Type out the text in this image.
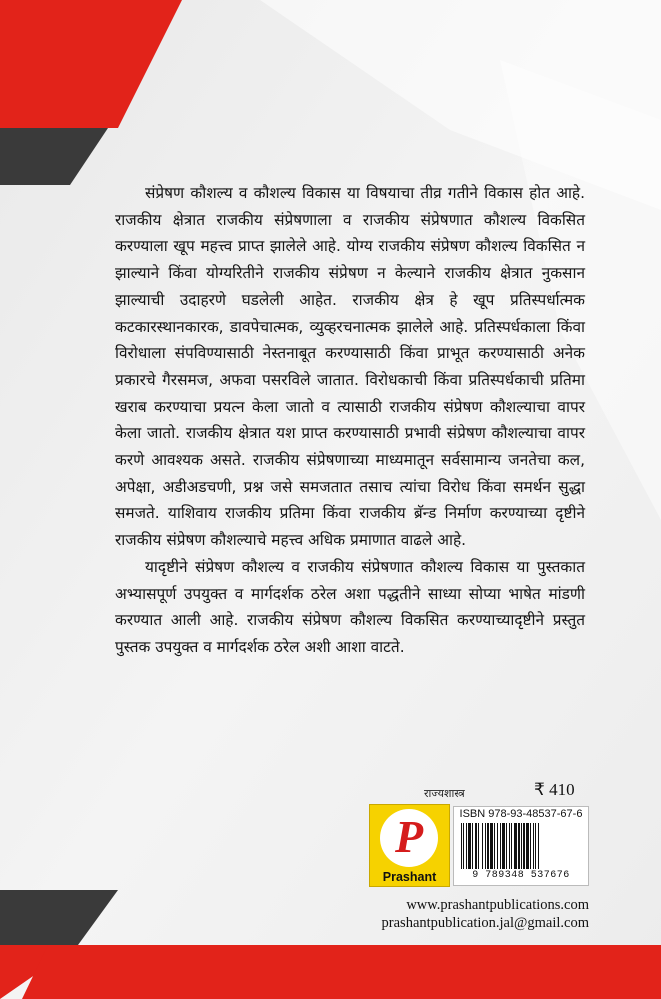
संप्रेषण कौशल्य व कौशल्य विकास या विषयाचा तीव्र गतीने विकास होत आहे. राजकीय क्षेत्रात राजकीय संप्रेषणाला व राजकीय संप्रेषणात कौशल्य विकसित करण्याला खूप महत्त्व प्राप्त झालेले आहे. योग्य राजकीय संप्रेषण कौशल्य विकसित न झाल्याने किंवा योग्यरितीने राजकीय संप्रेषण न केल्याने राजकीय क्षेत्रात नुकसान झाल्याची उदाहरणे घडलेली आहेत. राजकीय क्षेत्र हे खूप प्रतिस्पर्धात्मक कटकारस्थानकारक, डावपेचात्मक, व्युव्हरचनात्मक झालेले आहे. प्रतिस्पर्धकाला किंवा विरोधाला संपविण्यासाठी नेस्तनाबूत करण्यासाठी किंवा प्राभूत करण्यासाठी अनेक प्रकारचे गैरसमज, अफवा पसरविले जातात. विरोधकाची किंवा प्रतिस्पर्धकाची प्रतिमा खराब करण्याचा प्रयत्न केला जातो व त्यासाठी राजकीय संप्रेषण कौशल्याचा वापर केला जातो. राजकीय क्षेत्रात यश प्राप्त करण्यासाठी प्रभावी संप्रेषण कौशल्याचा वापर करणे आवश्यक असते. राजकीय संप्रेषणाच्या माध्यमातून सर्वसामान्य जनतेचा कल, अपेक्षा, अडीअडचणी, प्रश्न जसे समजतात तसाच त्यांचा विरोध किंवा समर्थन सुद्धा समजते. याशिवाय राजकीय प्रतिमा किंवा राजकीय ब्रॅन्ड निर्माण करण्याच्या दृष्टीने राजकीय संप्रेषण कौशल्याचे महत्त्व अधिक प्रमाणात वाढले आहे.

यादृष्टीने संप्रेषण कौशल्य व राजकीय संप्रेषणात कौशल्य विकास या पुस्तकात अभ्यासपूर्ण उपयुक्त व मार्गदर्शक ठरेल अशा पद्धतीने साध्या सोप्या भाषेत मांडणी करण्यात आली आहे. राजकीय संप्रेषण कौशल्य विकसित करण्याच्यादृष्टीने प्रस्तुत पुस्तक उपयुक्त व मार्गदर्शक ठरेल अशी आशा वाटते.

राज्यशास्त्र	₹ 410
P
Prashant
ISBN 978-93-48537-67-6
9 789348 537676
www.prashantpublications.com
prashantpublication.jal@gmail.com
